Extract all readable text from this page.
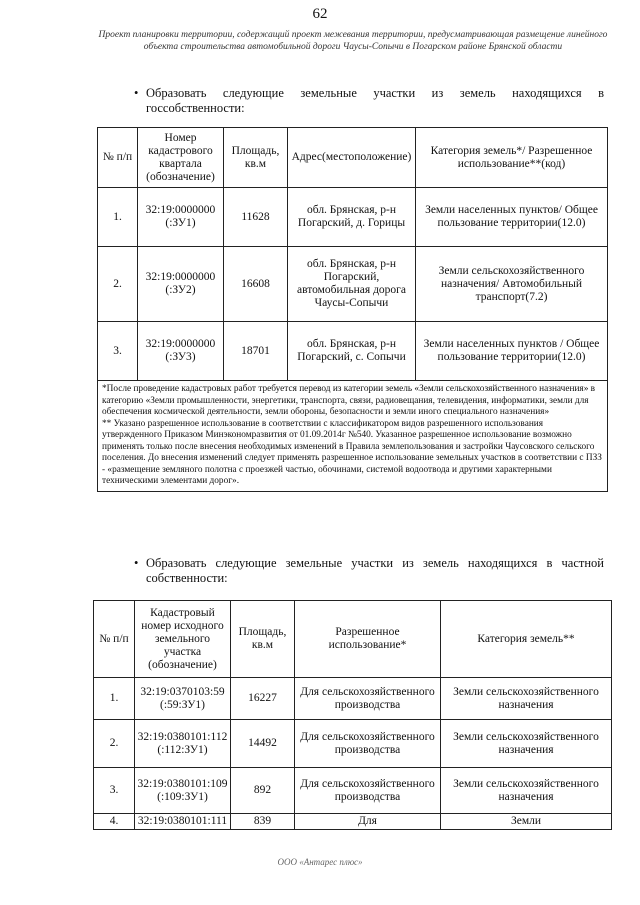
62
Проект планировки территории, содержащий проект межевания территории, предусматривающая размещение линейного объекта строительства автомобильной дороги Чаусы-Сопычи в Погарском районе Брянской области
• Образовать следующие земельные участки из земель находящихся в госсобственности:
№ п/п	Номер кадастрового квартала (обозначение)	Площадь, кв.м	Адрес(местоположение)	Категория земель*/ Разрешенное использование**(код)
1.	32:19:0000000
(:ЗУ1)	11628	обл. Брянская, р-н Погарский, д. Горицы	Земли населенных пунктов/ Общее пользование территории(12.0)
2.	32:19:0000000
(:ЗУ2)	16608	обл. Брянская, р-н Погарский, автомобильная дорога Чаусы-Сопычи	Земли сельскохозяйственного назначения/ Автомобильный транспорт(7.2)
3.	32:19:0000000
(:ЗУ3)	18701	обл. Брянская, р-н Погарский, с. Сопычи	Земли населенных пунктов / Общее пользование территории(12.0)

*После проведение кадастровых работ требуется перевод из категории земель «Земли сельскохозяйственного назначения» в категорию «Земли промышленности, энергетики, транспорта, связи, радиовещания, телевидения, информатики, земли для обеспечения космической деятельности, земли обороны, безопасности и земли иного специального назначения»
** Указано разрешенное использование в соответствии с классификатором видов разрешенного использования утвержденного Приказом Минэкономразвития от 01.09.2014г №540. Указанное разрешенное использование возможно применять только после внесения необходимых изменений в Правила землепользования и застройки Чаусовского сельского поселения. До внесения изменений следует применять разрешенное использование земельных участков в соответствии с ПЗЗ - «размещение земляного полотна с проезжей частью, обочинами, системой водоотвода и другими характерными техническими элементами дорог».				
• Образовать следующие земельные участки из земель находящихся в частной собственности:
№ п/п	Кадастровый номер исходного земельного участка (обозначение)	Площадь, кв.м	Разрешенное использование*	Категория земель**
1.	32:19:0370103:59
(:59:ЗУ1)	16227	Для сельскохозяйственного производства	Земли сельскохозяйственного назначения
2.	32:19:0380101:112
(:112:ЗУ1)	14492	Для сельскохозяйственного производства	Земли сельскохозяйственного назначения
3.	32:19:0380101:109
(:109:ЗУ1)	892	Для сельскохозяйственного производства	Земли сельскохозяйственного назначения
4.	32:19:0380101:111	839	Для	Земли
ООО «Антарес плюс»
